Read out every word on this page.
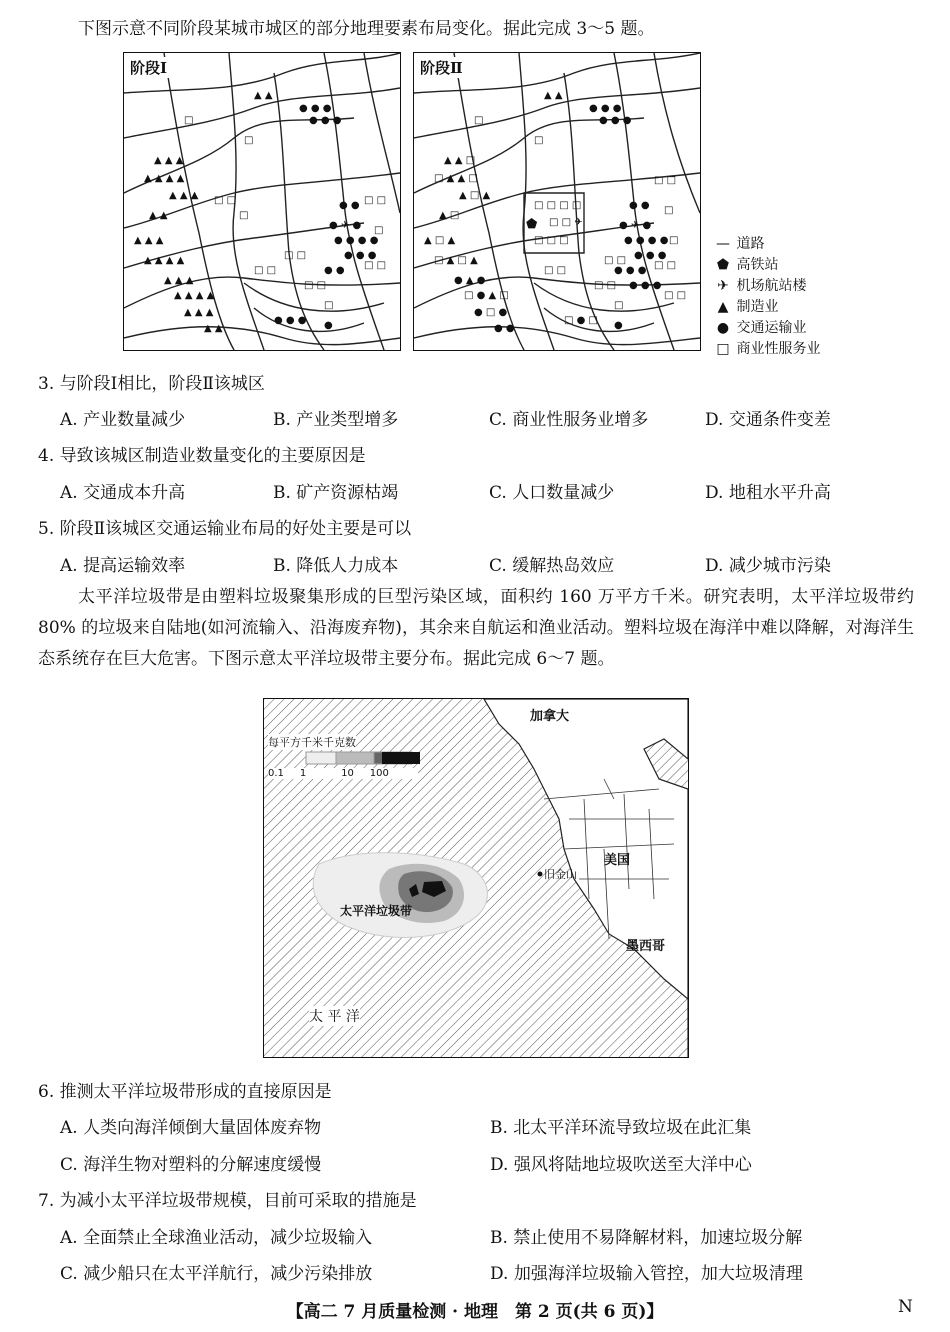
下图示意不同阶段某城市城区的部分地理要素布局变化。据此完成 3～5 题。
阶段Ⅰ
▲ ▲ ▲
▲ ▲ ▲ ▲
▲ ▲ ▲
▲ ▲
▲ ▲ ▲
▲ ▲ ▲ ▲
▲ ▲ ▲
▲ ▲ ▲ ▲
▲ ▲ ▲
▲ ▲
▲ ▲
● ● ●
● ● ●
□
□
□ □
□
□ □
□ □
□ □
□
● ●
● ✈ ●
● ● ● ●
● ● ●
● ●
● ● ● ●
□ □
□
□ □
阶段Ⅱ
▲ ▲ □
□ ▲ ▲ □
▲ □ ▲
▲ □
▲ □ ▲
□ ▲ □ ▲
● ▲ ●
□ ● ▲ □
● □ ●
● ●
▲ ▲
● ● ●
● ● ●
□
□
□ □ □ □
⬟ □ □ ✈
□ □ □
□ □
□ □
□ □
□
● ●
● ✈ ●
● ● ● ●
● ● ●
● ● ●
● ● ●
□ ● □ ●
□ □
□
□
□ □
□ □
— 道路
⬟ 高铁站
✈ 机场航站楼
▲ 制造业
● 交通运输业
□ 商业性服务业
3. 与阶段Ⅰ相比，阶段Ⅱ该城区
A. 产业数量减少	B. 产业类型增多	C. 商业性服务业增多	D. 交通条件变差
4. 导致该城区制造业数量变化的主要原因是
A. 交通成本升高	B. 矿产资源枯竭	C. 人口数量减少	D. 地租水平升高
5. 阶段Ⅱ该城区交通运输业布局的好处主要是可以
A. 提高运输效率	B. 降低人力成本	C. 缓解热岛效应	D. 减少城市污染
太平洋垃圾带是由塑料垃圾聚集形成的巨型污染区域，面积约 160 万平方千米。研究表明，太平洋垃圾带约 80% 的垃圾来自陆地(如河流输入、沿海废弃物)，其余来自航运和渔业活动。塑料垃圾在海洋中难以降解，对海洋生态系统存在巨大危害。下图示意太平洋垃圾带主要分布。据此完成 6～7 题。
加拿大
美国
旧金山
墨西哥
太 平 洋
太平洋垃圾带
每平方千米千克数
0.1 1	10 100
6. 推测太平洋垃圾带形成的直接原因是
A. 人类向海洋倾倒大量固体废弃物	B. 北太平洋环流导致垃圾在此汇集
C. 海洋生物对塑料的分解速度缓慢	D. 强风将陆地垃圾吹送至大洋中心
7. 为减小太平洋垃圾带规模，目前可采取的措施是
A. 全面禁止全球渔业活动，减少垃圾输入	B. 禁止使用不易降解材料，加速垃圾分解
C. 减少船只在太平洋航行，减少污染排放	D. 加强海洋垃圾输入管控，加大垃圾清理
【高二 7 月质量检测 · 地理　第 2 页(共 6 页)】	N
